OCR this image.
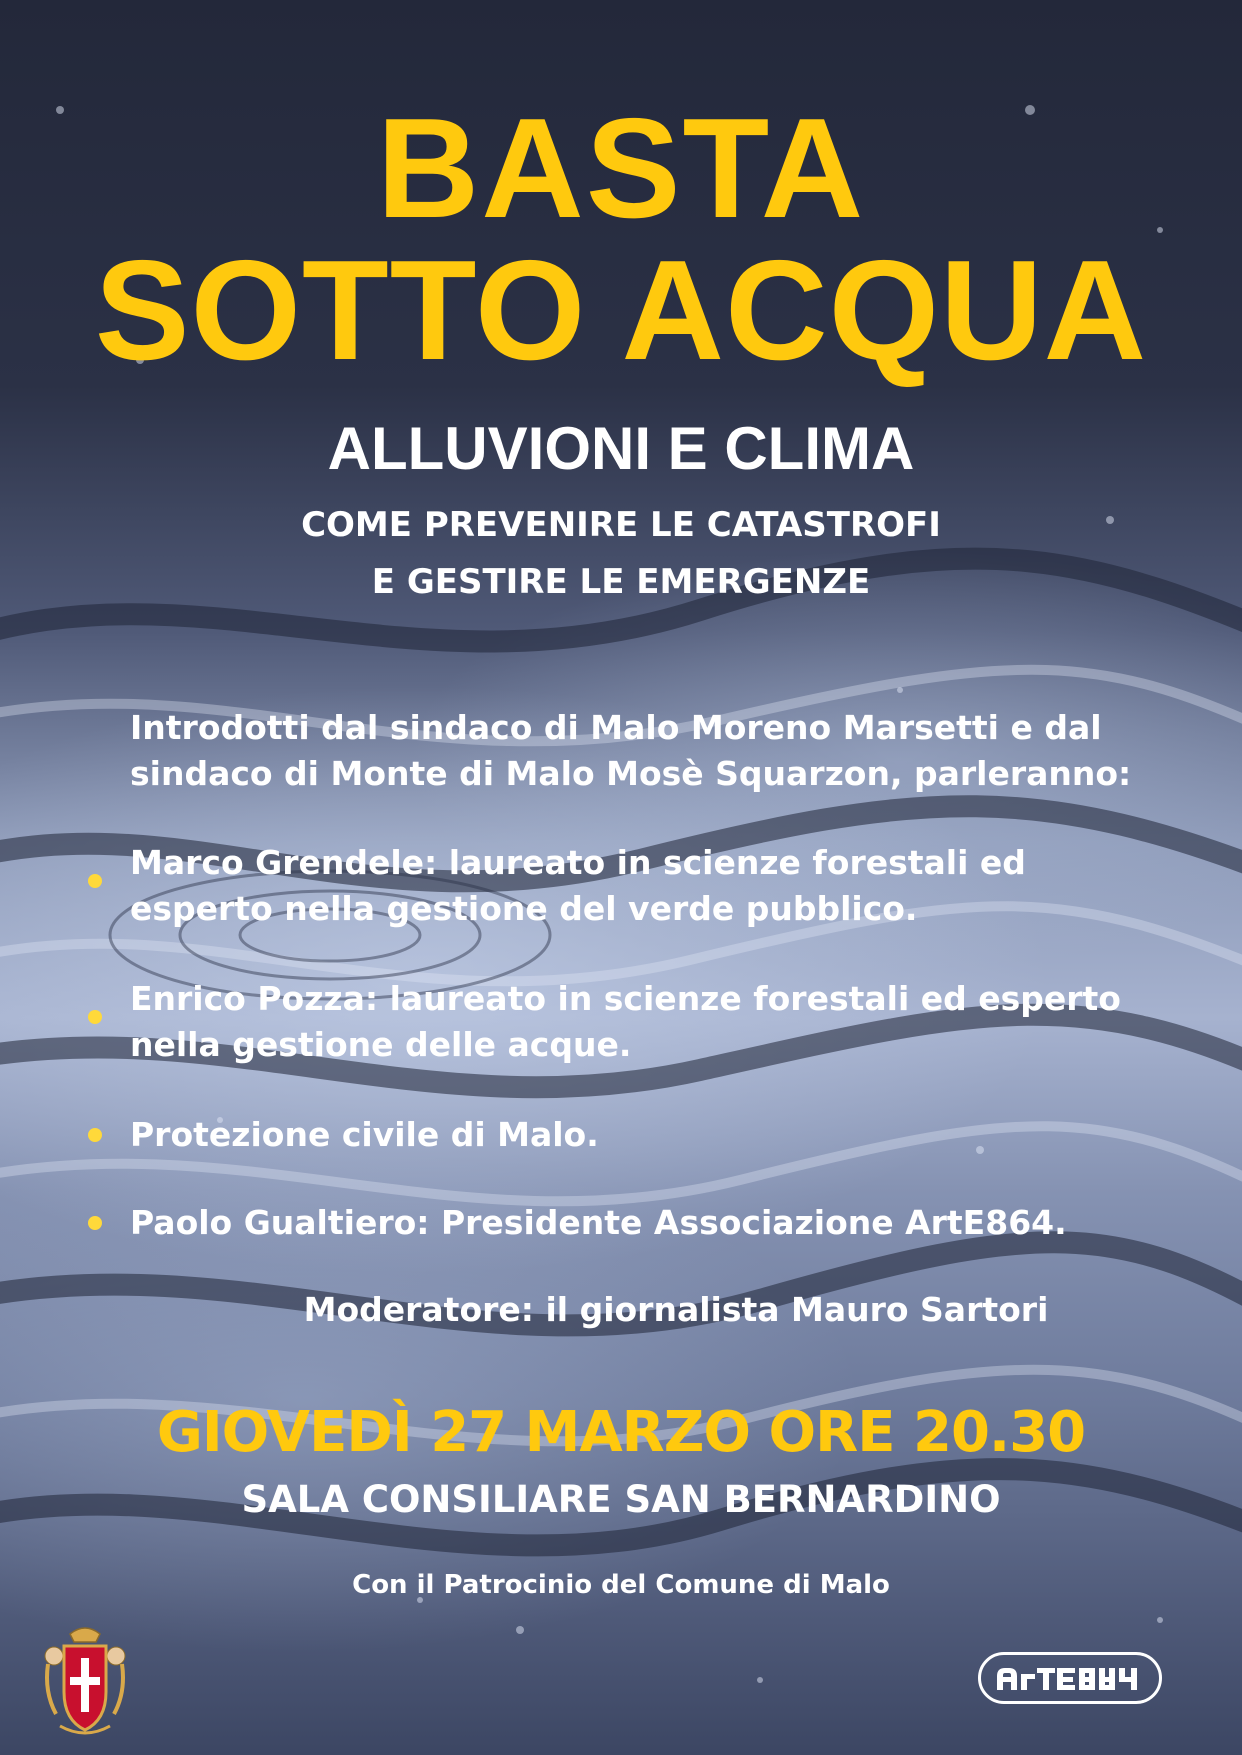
BASTA
SOTTO ACQUA
ALLUVIONI E CLIMA

COME PREVENIRE LE CATASTROFI

E GESTIRE LE EMERGENZE

Introdotti dal sindaco di Malo Moreno Marsetti e dal
sindaco di Monte di Malo Mosè Squarzon, parleranno:
Marco Grendele: laureato in scienze forestali ed
esperto nella gestione del verde pubblico.
Enrico Pozza: laureato in scienze forestali ed esperto
nella gestione delle acque.
Protezione civile di Malo.
Paolo Gualtiero: Presidente Associazione ArtE864.

Moderatore: il giornalista Mauro Sartori

GIOVEDÌ 27 MARZO ORE 20.30

SALA CONSILIARE SAN BERNARDINO

Con il Patrocinio del Comune di Malo
